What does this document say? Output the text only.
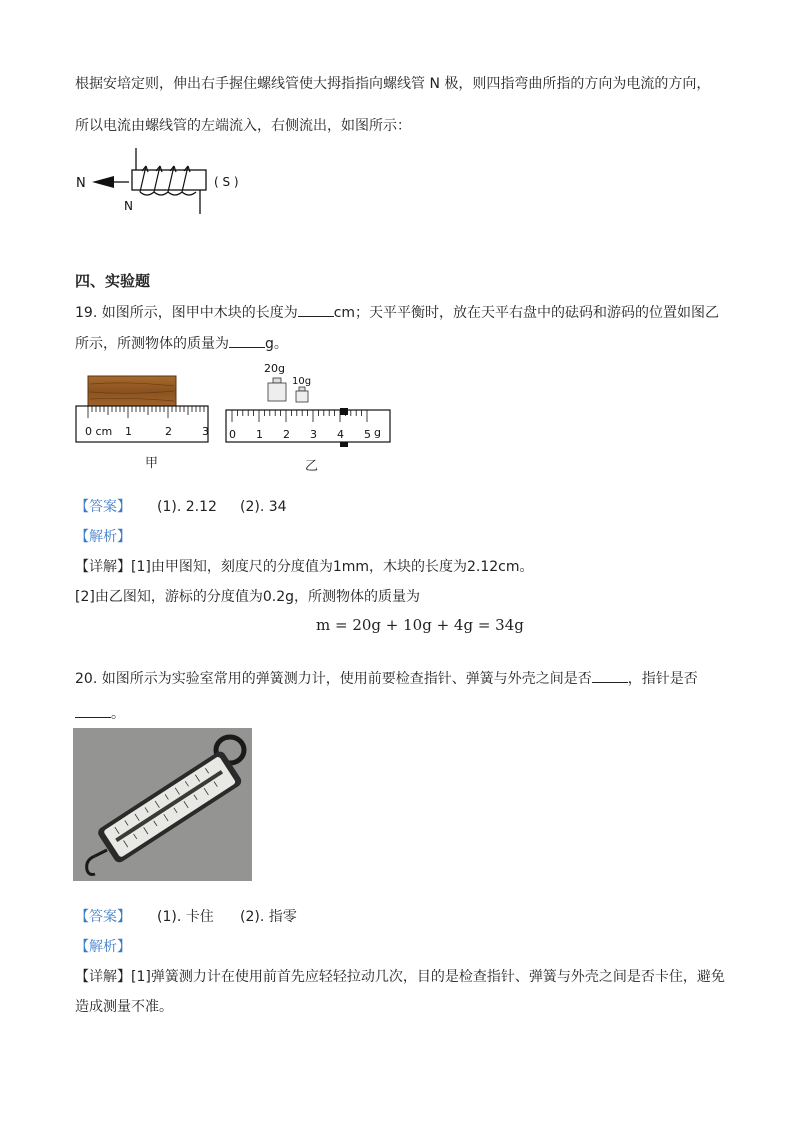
根据安培定则，伸出右手握住螺线管使大拇指指向螺线管 N 极，则四指弯曲所指的方向为电流的方向，
所以电流由螺线管的左端流入，右侧流出，如图所示：
N
N
( S )
四、实验题
19. 如图所示，图甲中木块的长度为	cm；天平平衡时，放在天平右盘中的砝码和游码的位置如图乙
所示，所测物体的质量为	g。
0 cm 1	2	3
甲
20g
10g
0 1 2 3 4 5 g
乙
【答案】 (1). 2.12 (2). 34
【解析】
【详解】[1]由甲图知，刻度尺的分度值为1mm，木块的长度为2.12cm。
[2]由乙图知，游标的分度值为0.2g，所测物体的质量为
m = 20g + 10g + 4g = 34g
20. 如图所示为实验室常用的弹簧测力计，使用前要检查指针、弹簧与外壳之间是否	，指针是否
。
【答案】 (1). 卡住 (2). 指零
【解析】
【详解】[1]弹簧测力计在使用前首先应轻轻拉动几次，目的是检查指针、弹簧与外壳之间是否卡住，避免
造成测量不准。
